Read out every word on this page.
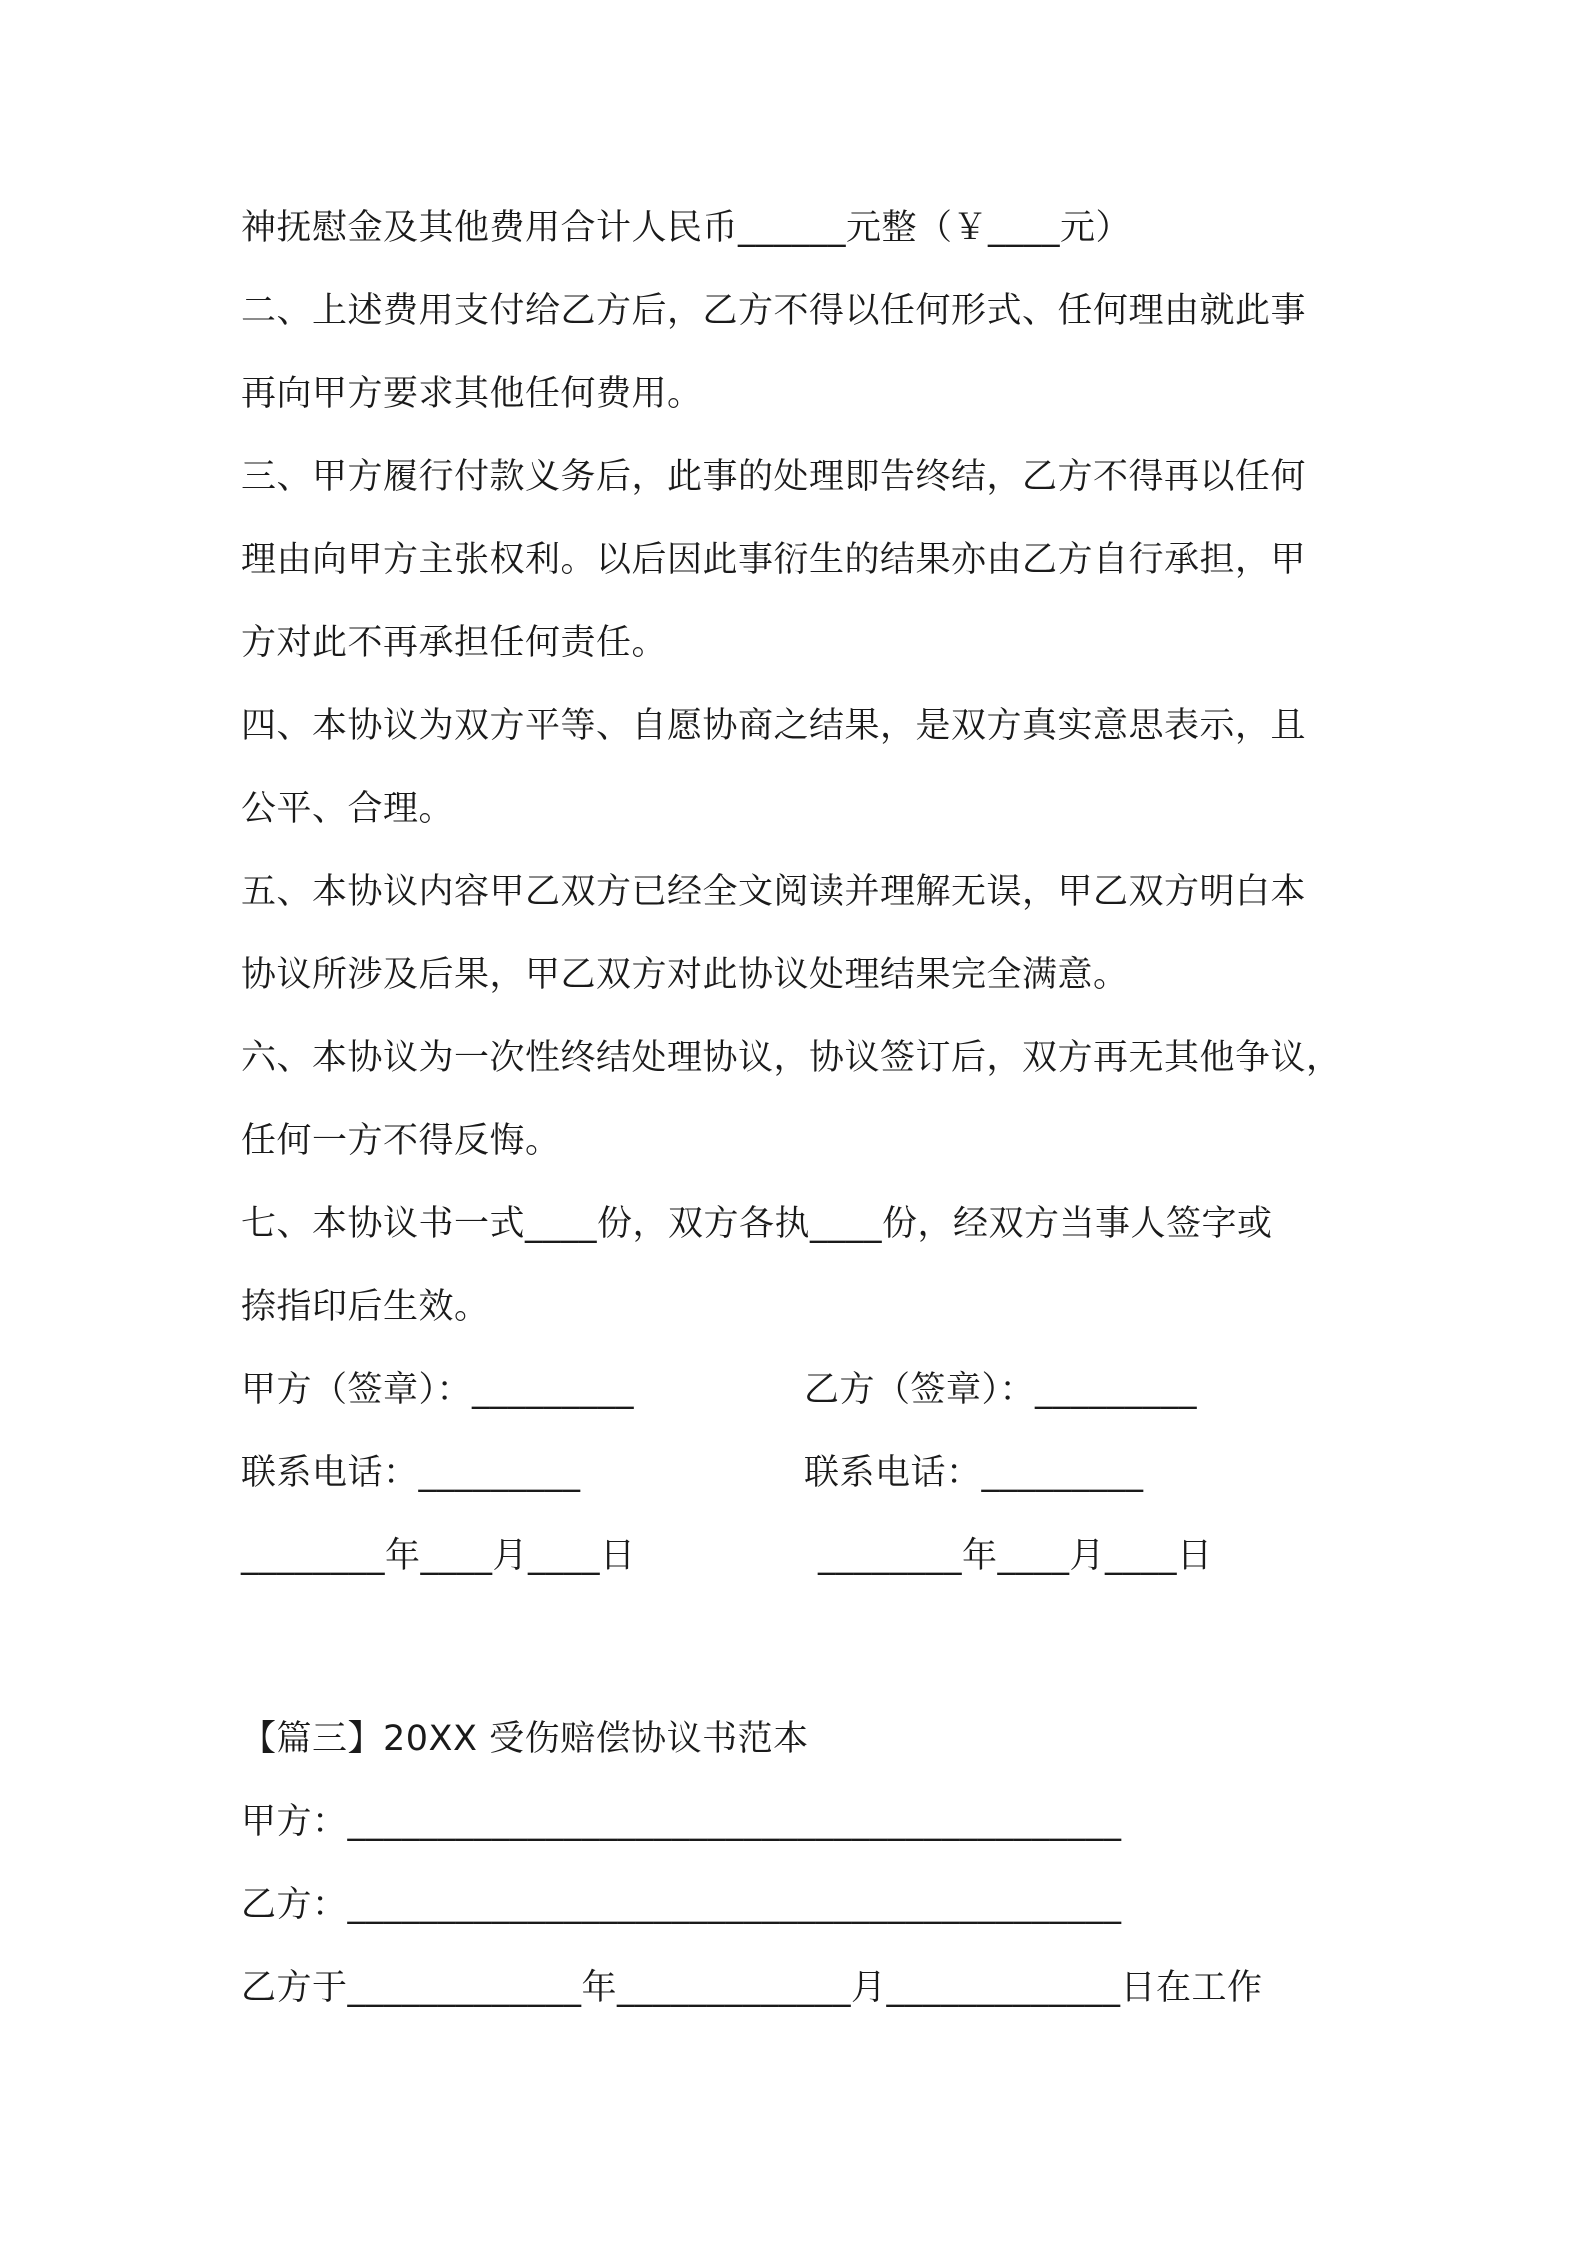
神抚慰金及其他费用合计人民币______元整（￥____元）
二、上述费用支付给乙方后，乙方不得以任何形式、任何理由就此事
再向甲方要求其他任何费用。
三、甲方履行付款义务后，此事的处理即告终结，乙方不得再以任何
理由向甲方主张权利。以后因此事衍生的结果亦由乙方自行承担，甲
方对此不再承担任何责任。
四、本协议为双方平等、自愿协商之结果，是双方真实意思表示，且
公平、合理。
五、本协议内容甲乙双方已经全文阅读并理解无误，甲乙双方明白本
协议所涉及后果，甲乙双方对此协议处理结果完全满意。
六、本协议为一次性终结处理协议，协议签订后，双方再无其他争议，
任何一方不得反悔。
七、本协议书一式____份，双方各执____份，经双方当事人签字或
捺指印后生效。
甲方（签章）：_________	乙方（签章）：_________
联系电话：_________	联系电话：_________
________年____月____日	________年____月____日
【篇三】20XX 受伤赔偿协议书范本
甲方：___________________________________________
乙方：___________________________________________
乙方于_____________年_____________月_____________日在工作
